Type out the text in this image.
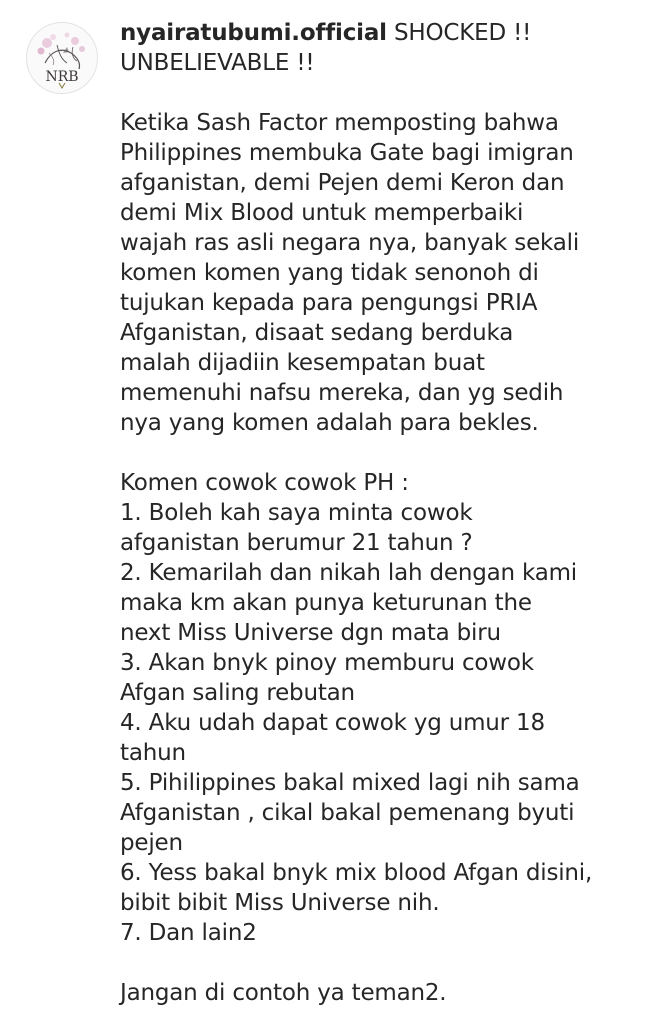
NRB
nyairatubumi.official SHOCKED !!
UNBELIEVABLE !!

Ketika Sash Factor memposting bahwa
Philippines membuka Gate bagi imigran
afganistan, demi Pejen demi Keron dan
demi Mix Blood untuk memperbaiki
wajah ras asli negara nya, banyak sekali
komen komen yang tidak senonoh di
tujukan kepada para pengungsi PRIA
Afganistan, disaat sedang berduka
malah dijadiin kesempatan buat
memenuhi nafsu mereka, dan yg sedih
nya yang komen adalah para bekles.

Komen cowok cowok PH :
1. Boleh kah saya minta cowok
afganistan berumur 21 tahun ?
2. Kemarilah dan nikah lah dengan kami
maka km akan punya keturunan the
next Miss Universe dgn mata biru
3. Akan bnyk pinoy memburu cowok
Afgan saling rebutan
4. Aku udah dapat cowok yg umur 18
tahun
5. Pihilippines bakal mixed lagi nih sama
Afganistan , cikal bakal pemenang byuti
pejen
6. Yess bakal bnyk mix blood Afgan disini,
bibit bibit Miss Universe nih.
7. Dan lain2

Jangan di contoh ya teman2.
